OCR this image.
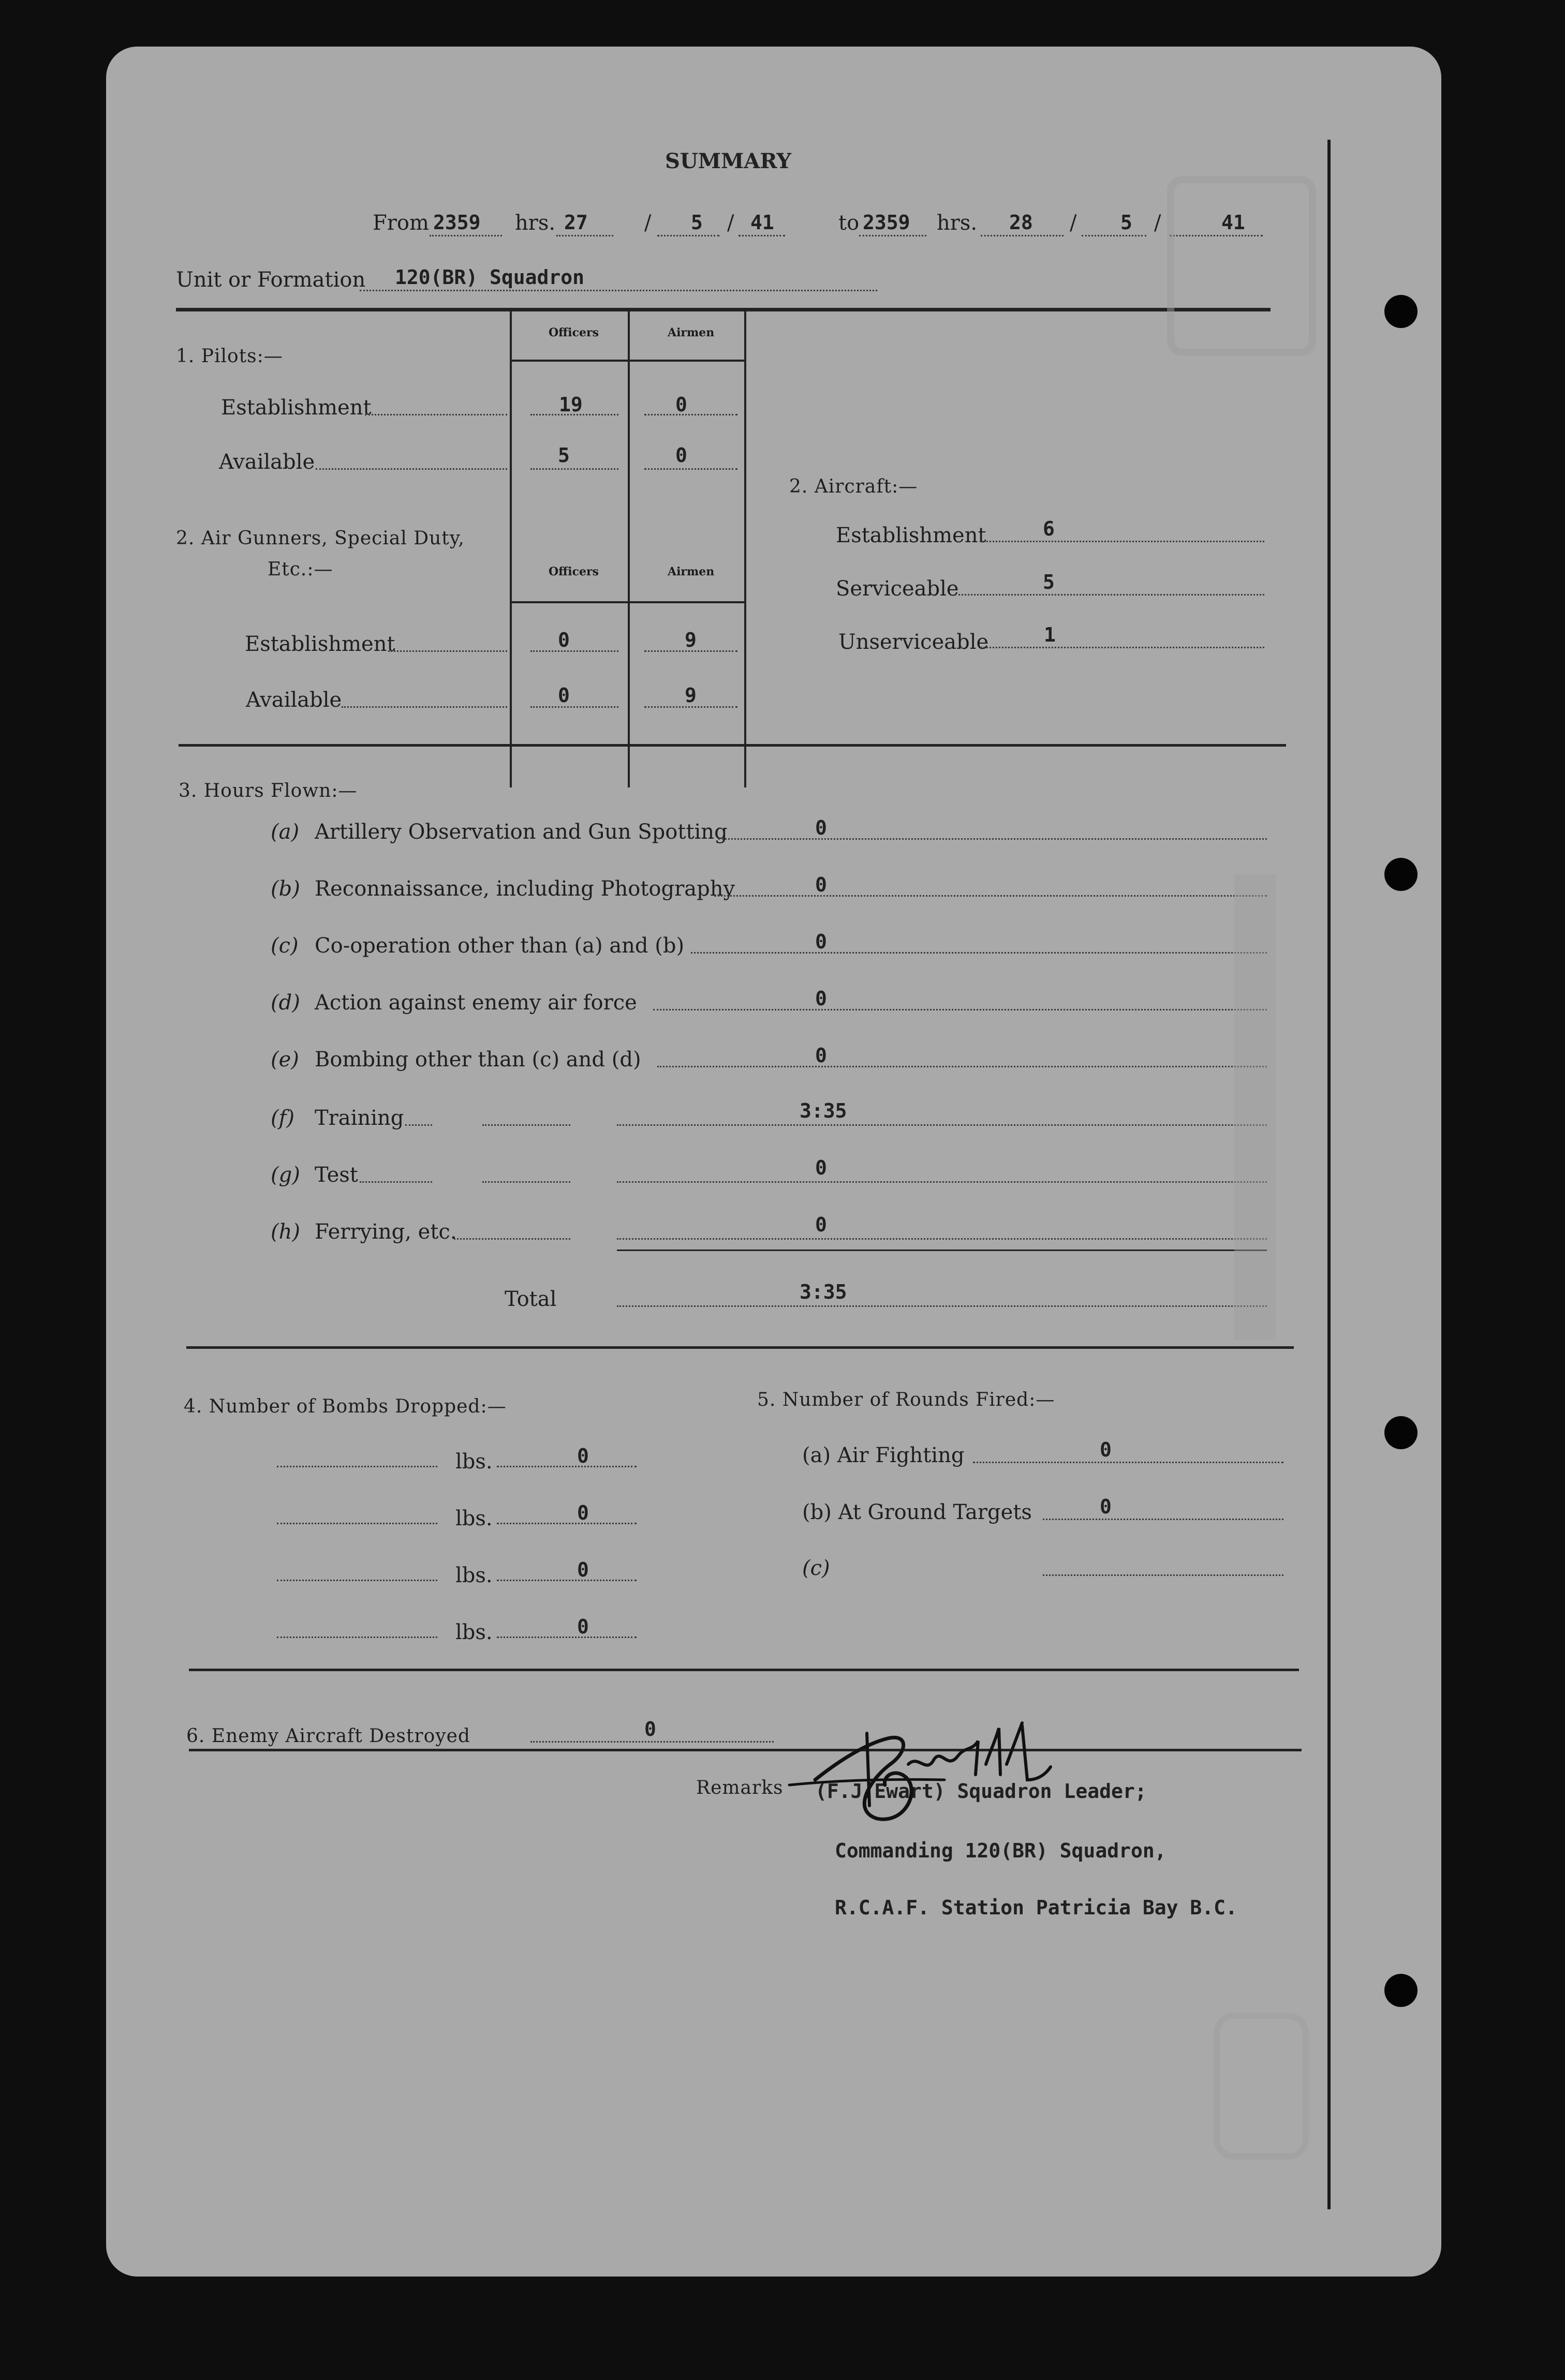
SUMMARY
From 2359 hrs. 27	/ 5 / 41	to 2359 hrs. 28 / 5 /	41
Unit or Formation 120(BR) Squadron
Officers	Airmen
1. Pilots:—
Establishment	19	0
Available	5	0
2. Air Gunners, Special Duty,
Etc.:—	Officers	Airmen
Establishment	0	9
Available	0	9
2. Aircraft:—
Establishment	6
Serviceable	5
Unserviceable	1
3. Hours Flown:—
(a) Artillery Observation and Gun Spotting	0
(b) Reconnaissance, including Photography	0
(c) Co-operation other than (a) and (b)	0
(d) Action against enemy air force	0
(e) Bombing other than (c) and (d)	0
(f) Training	3:35
(g) Test	0
(h) Ferrying, etc.	0
Total	3:35
4. Number of Bombs Dropped:—
lbs.	0
lbs.	0
lbs.	0
lbs.	0
5. Number of Rounds Fired:—
(a) Air Fighting	0
(b) At Ground Targets	0
(c)
6. Enemy Aircraft Destroyed	0
Remarks (F.J.Ewart) Squadron Leader;
Commanding 120(BR) Squadron,
R.C.A.F. Station Patricia Bay B.C.
